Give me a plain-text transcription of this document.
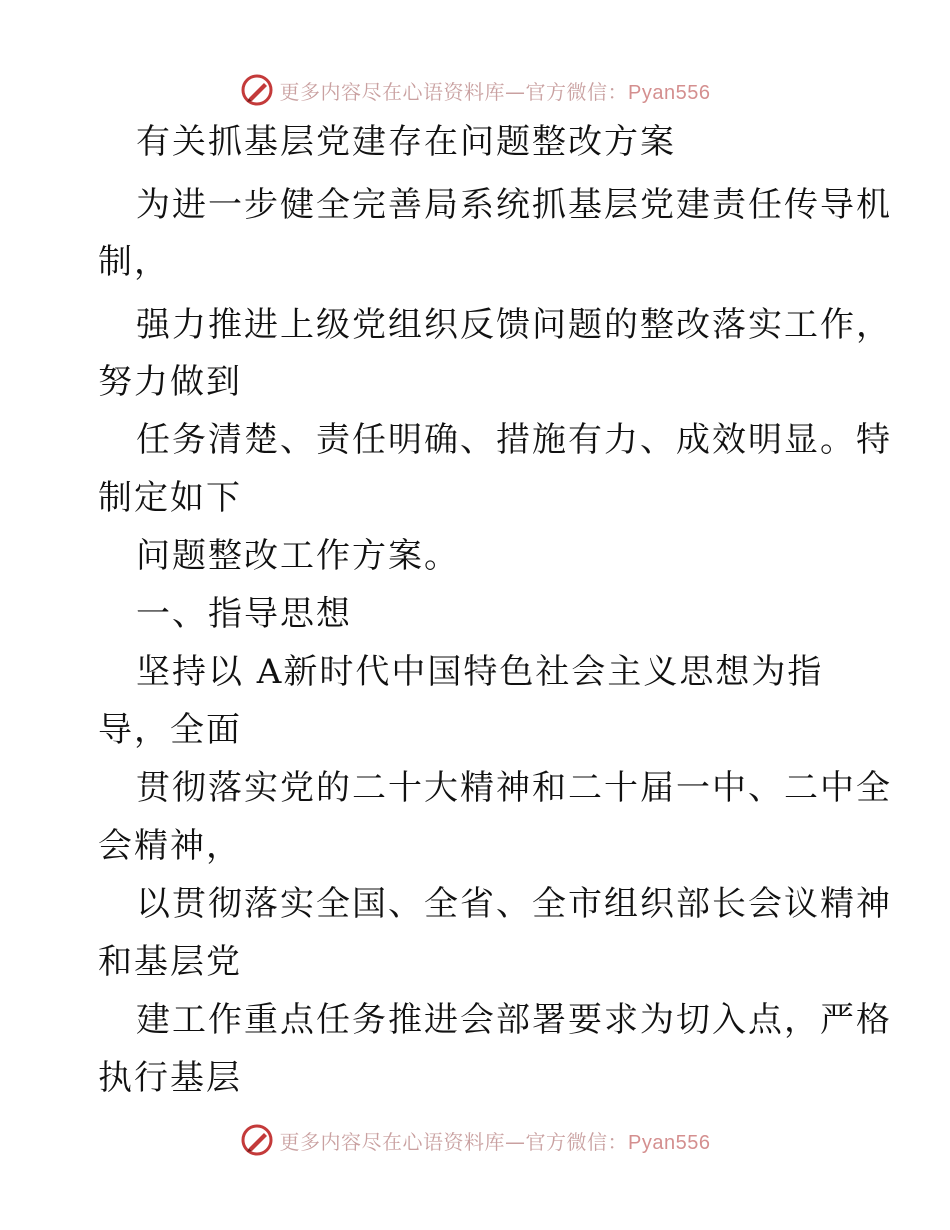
更多内容尽在心语资料库—官方微信：Pyan556
有关抓基层党建存在问题整改方案
为进一步健全完善局系统抓基层党建责任传导机
制，
强力推进上级党组织反馈问题的整改落实工作，
努力做到
任务清楚、责任明确、措施有力、成效明显。特
制定如下
问题整改工作方案。
一、指导思想
坚持以 A新时代中国特色社会主义思想为指
导，全面
贯彻落实党的二十大精神和二十届一中、二中全
会精神，
以贯彻落实全国、全省、全市组织部长会议精神
和基层党
建工作重点任务推进会部署要求为切入点，严格
执行基层
更多内容尽在心语资料库—官方微信：Pyan556
